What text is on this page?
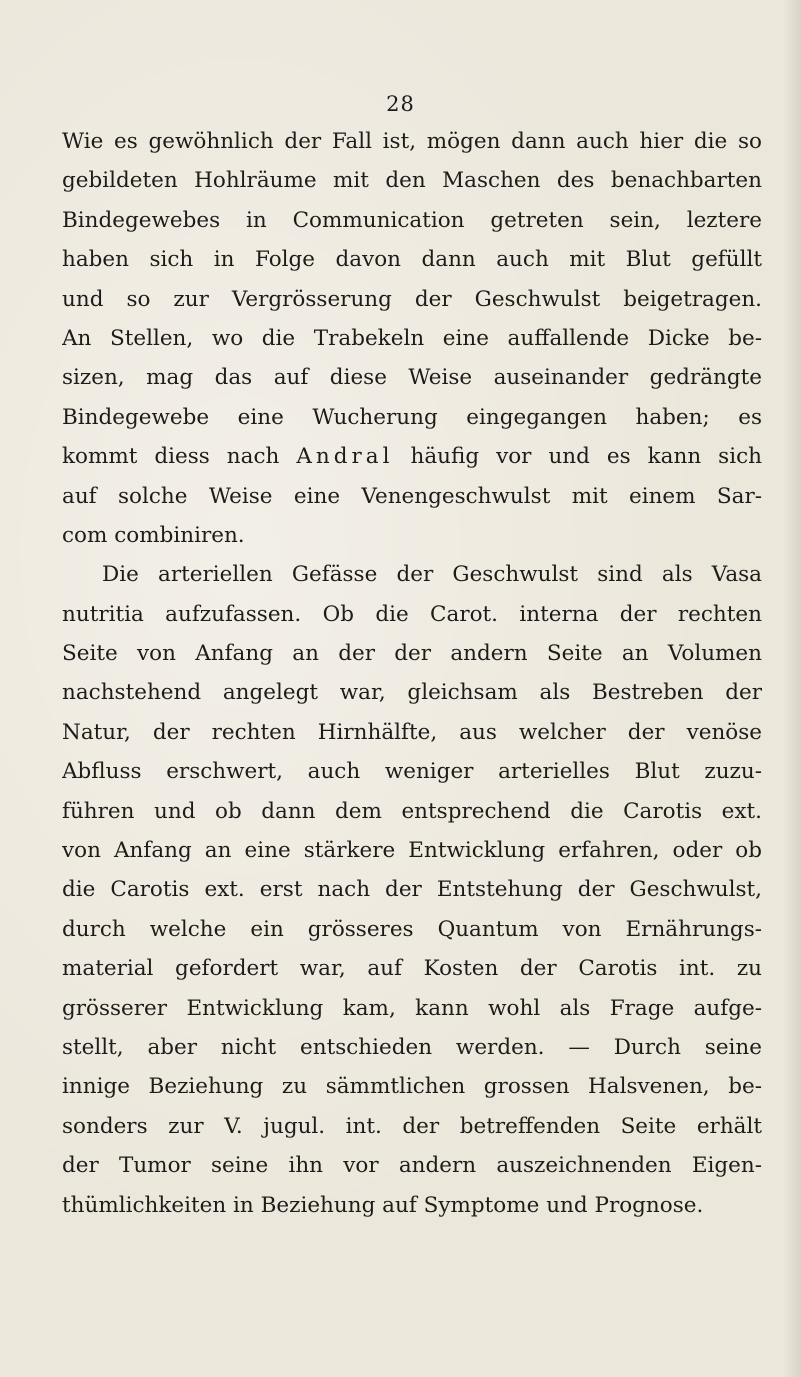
28
Wie es gewöhnlich der Fall ist, mögen dann auch hier die so
gebildeten Hohlräume mit den Maschen des benachbarten
Bindegewebes in Communication getreten sein, leztere
haben sich in Folge davon dann auch mit Blut gefüllt
und so zur Vergrösserung der Geschwulst beigetragen.
An Stellen, wo die Trabekeln eine auffallende Dicke be-
sizen, mag das auf diese Weise auseinander gedrängte
Bindegewebe eine Wucherung eingegangen haben; es
kommt diess nach Andral häufig vor und es kann sich
auf solche Weise eine Venengeschwulst mit einem Sar-
com combiniren.
Die arteriellen Gefässe der Geschwulst sind als Vasa
nutritia aufzufassen. Ob die Carot. interna der rechten
Seite von Anfang an der der andern Seite an Volumen
nachstehend angelegt war, gleichsam als Bestreben der
Natur, der rechten Hirnhälfte, aus welcher der venöse
Abfluss erschwert, auch weniger arterielles Blut zuzu-
führen und ob dann dem entsprechend die Carotis ext.
von Anfang an eine stärkere Entwicklung erfahren, oder ob
die Carotis ext. erst nach der Entstehung der Geschwulst,
durch welche ein grösseres Quantum von Ernährungs-
material gefordert war, auf Kosten der Carotis int. zu
grösserer Entwicklung kam, kann wohl als Frage aufge-
stellt, aber nicht entschieden werden. — Durch seine
innige Beziehung zu sämmtlichen grossen Halsvenen, be-
sonders zur V. jugul. int. der betreffenden Seite erhält
der Tumor seine ihn vor andern auszeichnenden Eigen-
thümlichkeiten in Beziehung auf Symptome und Prognose.
